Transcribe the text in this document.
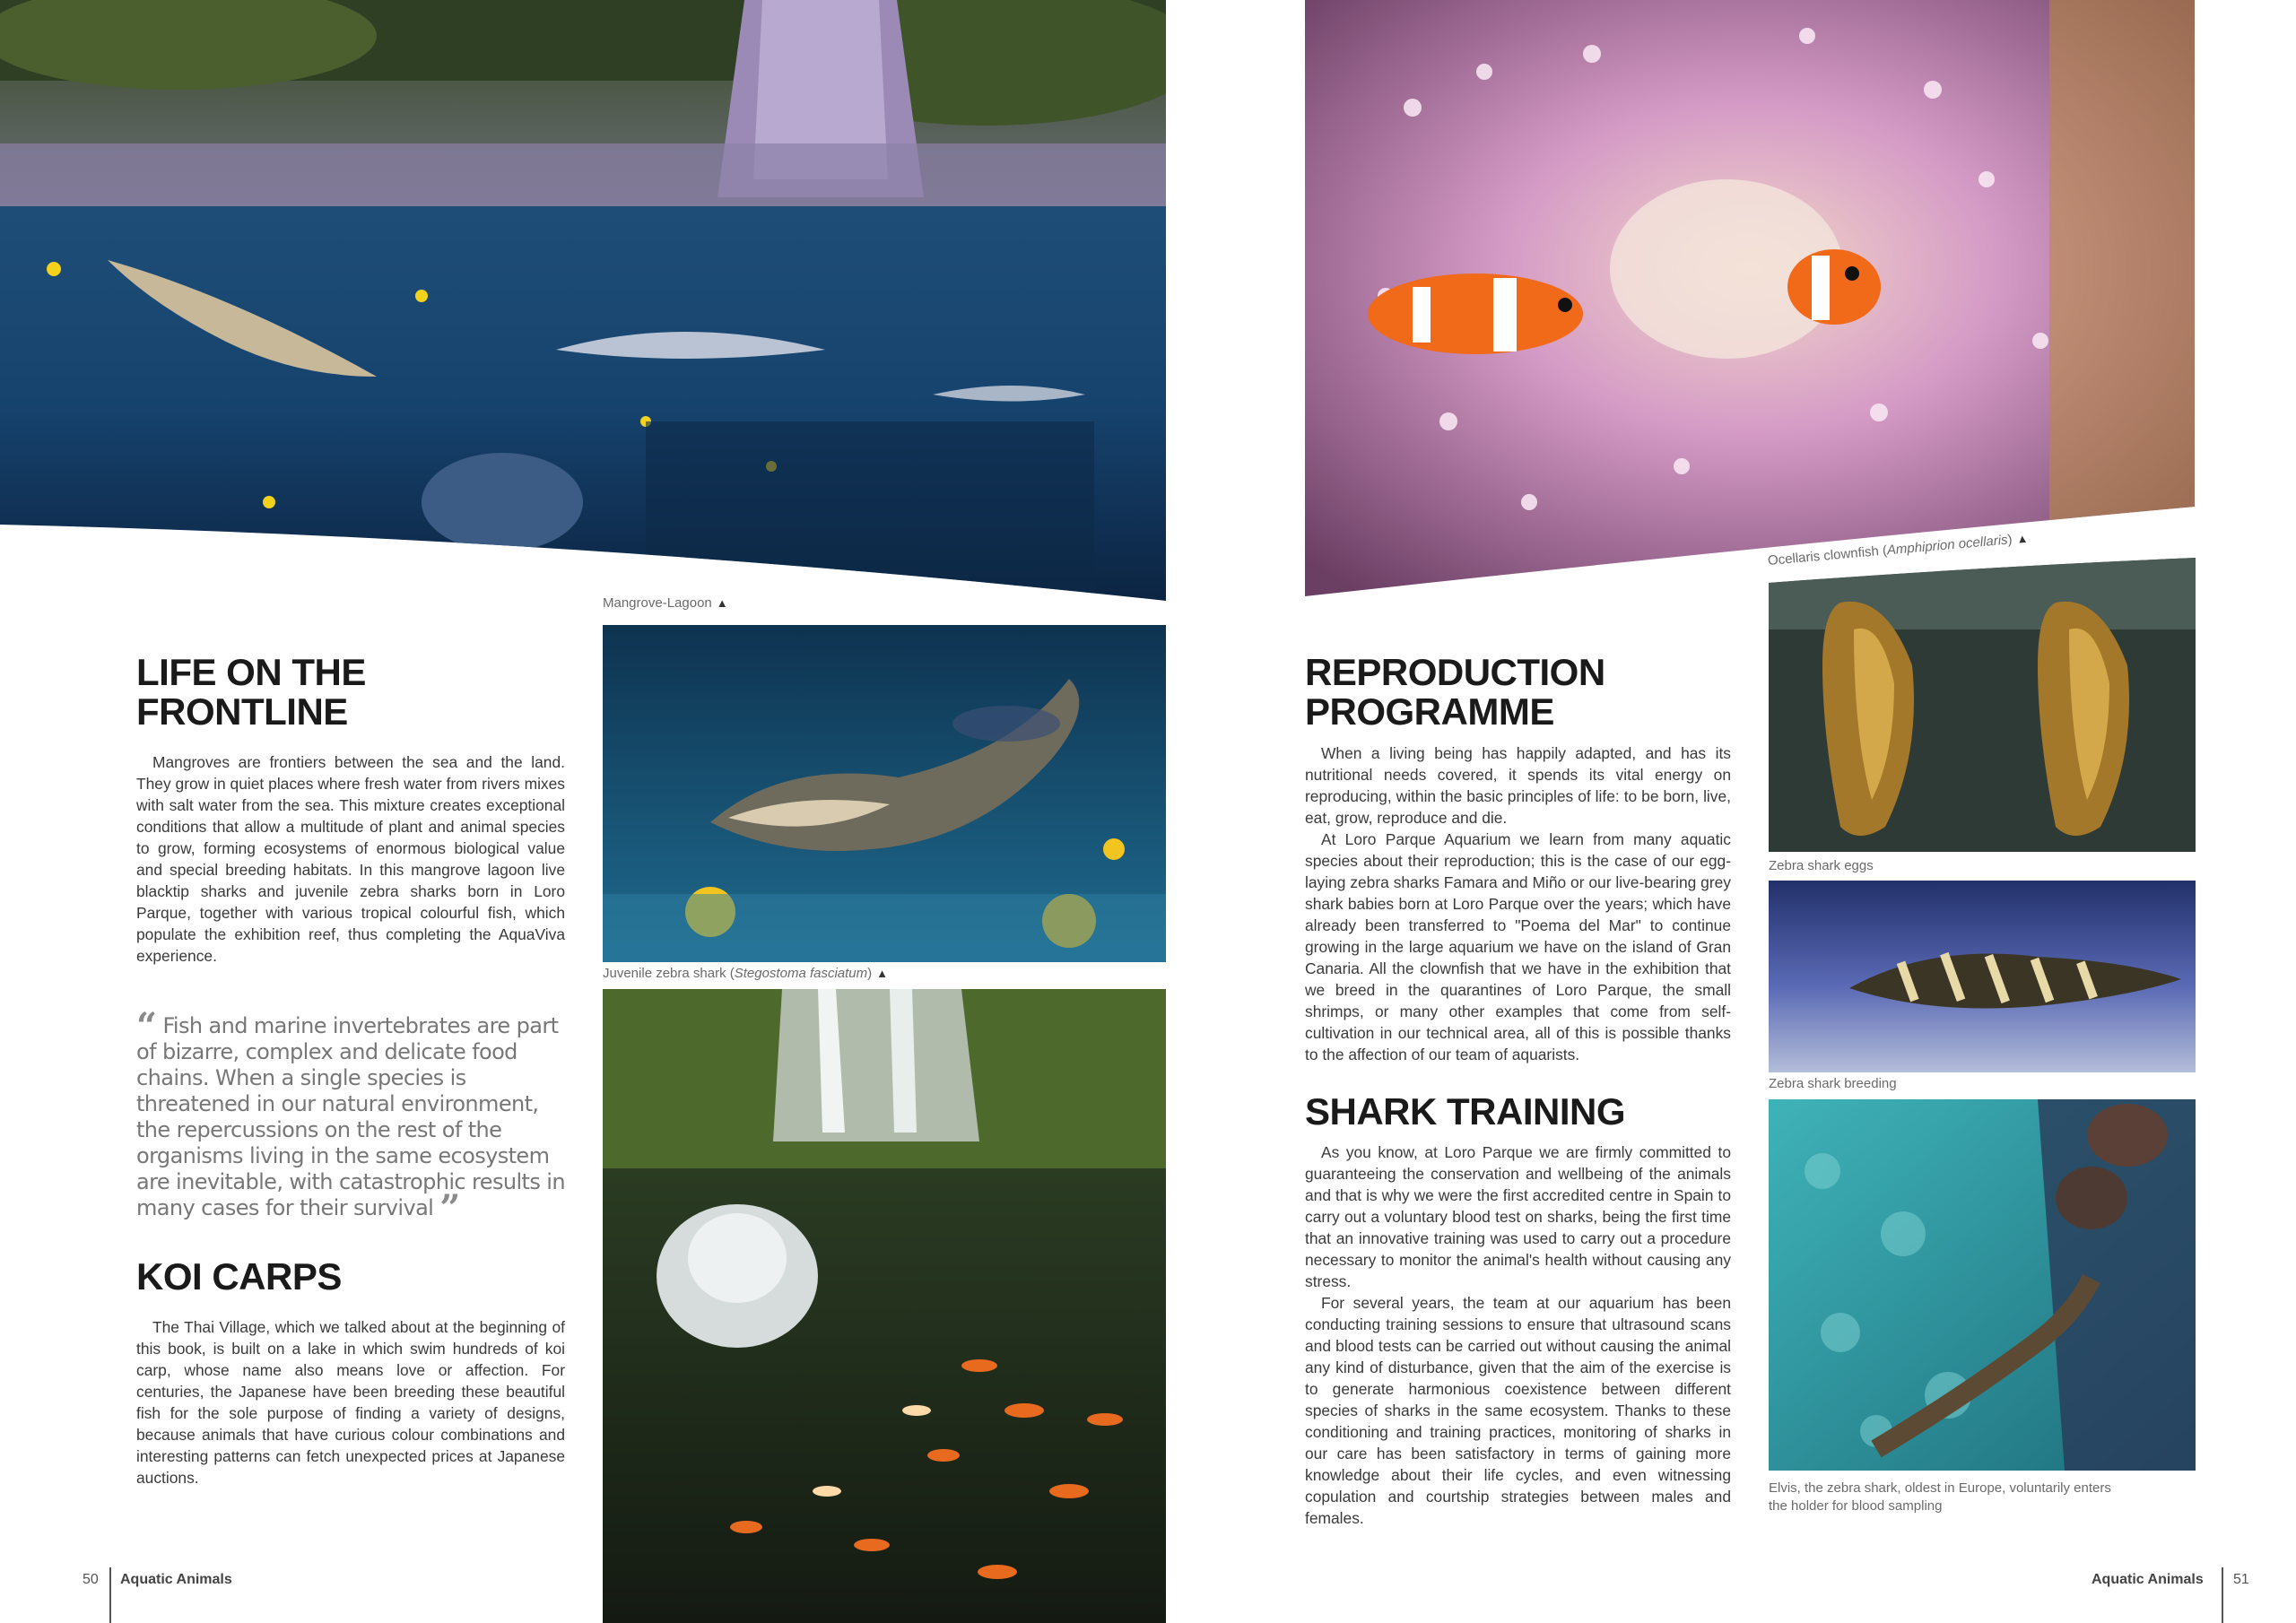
Mangrove-Lagoon ▲
Juvenile zebra shark (Stegostoma fasciatum) ▲
LIFE ON THE FRONTLINE

Mangroves are frontiers between the sea and the land. They grow in quiet places where fresh water from rivers mixes with salt water from the sea. This mixture creates exceptional conditions that allow a multitude of plant and animal species to grow, forming ecosystems of enormous biological value and special breeding habitats. In this mangrove lagoon live blacktip sharks and juvenile zebra sharks born in Loro Parque, together with various tropical colourful fish, which populate the exhibition reef, thus completing the AquaViva experience.

“ Fish and marine invertebrates are part of bizarre, complex and delicate food chains. When a single species is threatened in our natural environment, the repercussions on the rest of the organisms living in the same ecosystem are inevitable, with catastrophic results in many cases for their survival ”
KOI CARPS

The Thai Village, which we talked about at the beginning of this book, is built on a lake in which swim hundreds of koi carp, whose name also means love or affection. For centuries, the Japanese have been breeding these beautiful fish for the sole purpose of finding a variety of designs, because animals that have curious colour combinations and interesting patterns can fetch unexpected prices at Japanese auctions.

50 Aquatic Animals
Ocellaris clownfish (Amphiprion ocellaris) ▲
Zebra shark eggs
Zebra shark breeding
Elvis, the zebra shark, oldest in Europe, voluntarily enters
the holder for blood sampling
REPRODUCTION PROGRAMME

When a living being has happily adapted, and has its nutritional needs covered, it spends its vital energy on reproducing, within the basic principles of life: to be born, live, eat, grow, reproduce and die.

At Loro Parque Aquarium we learn from many aquatic species about their reproduction; this is the case of our egg-laying zebra sharks Famara and Miño or our live-bearing grey shark babies born at Loro Parque over the years; which have already been transferred to "Poema del Mar" to continue growing in the large aquarium we have on the island of Gran Canaria. All the clownfish that we have in the exhibition that we breed in the quarantines of Loro Parque, the small shrimps, or many other examples that come from self-cultivation in our technical area, all of this is possible thanks to the affection of our team of aquarists.

SHARK TRAINING

As you know, at Loro Parque we are firmly committed to guaranteeing the conservation and wellbeing of the animals and that is why we were the first accredited centre in Spain to carry out a voluntary blood test on sharks, being the first time that an innovative training was used to carry out a procedure necessary to monitor the animal's health without causing any stress.

For several years, the team at our aquarium has been conducting training sessions to ensure that ultrasound scans and blood tests can be carried out without causing the animal any kind of disturbance, given that the aim of the exercise is to generate harmonious coexistence between different species of sharks in the same ecosystem. Thanks to these conditioning and training practices, monitoring of sharks in our care has been satisfactory in terms of gaining more knowledge about their life cycles, and even witnessing copulation and courtship strategies between males and females.

Aquatic Animals 51
